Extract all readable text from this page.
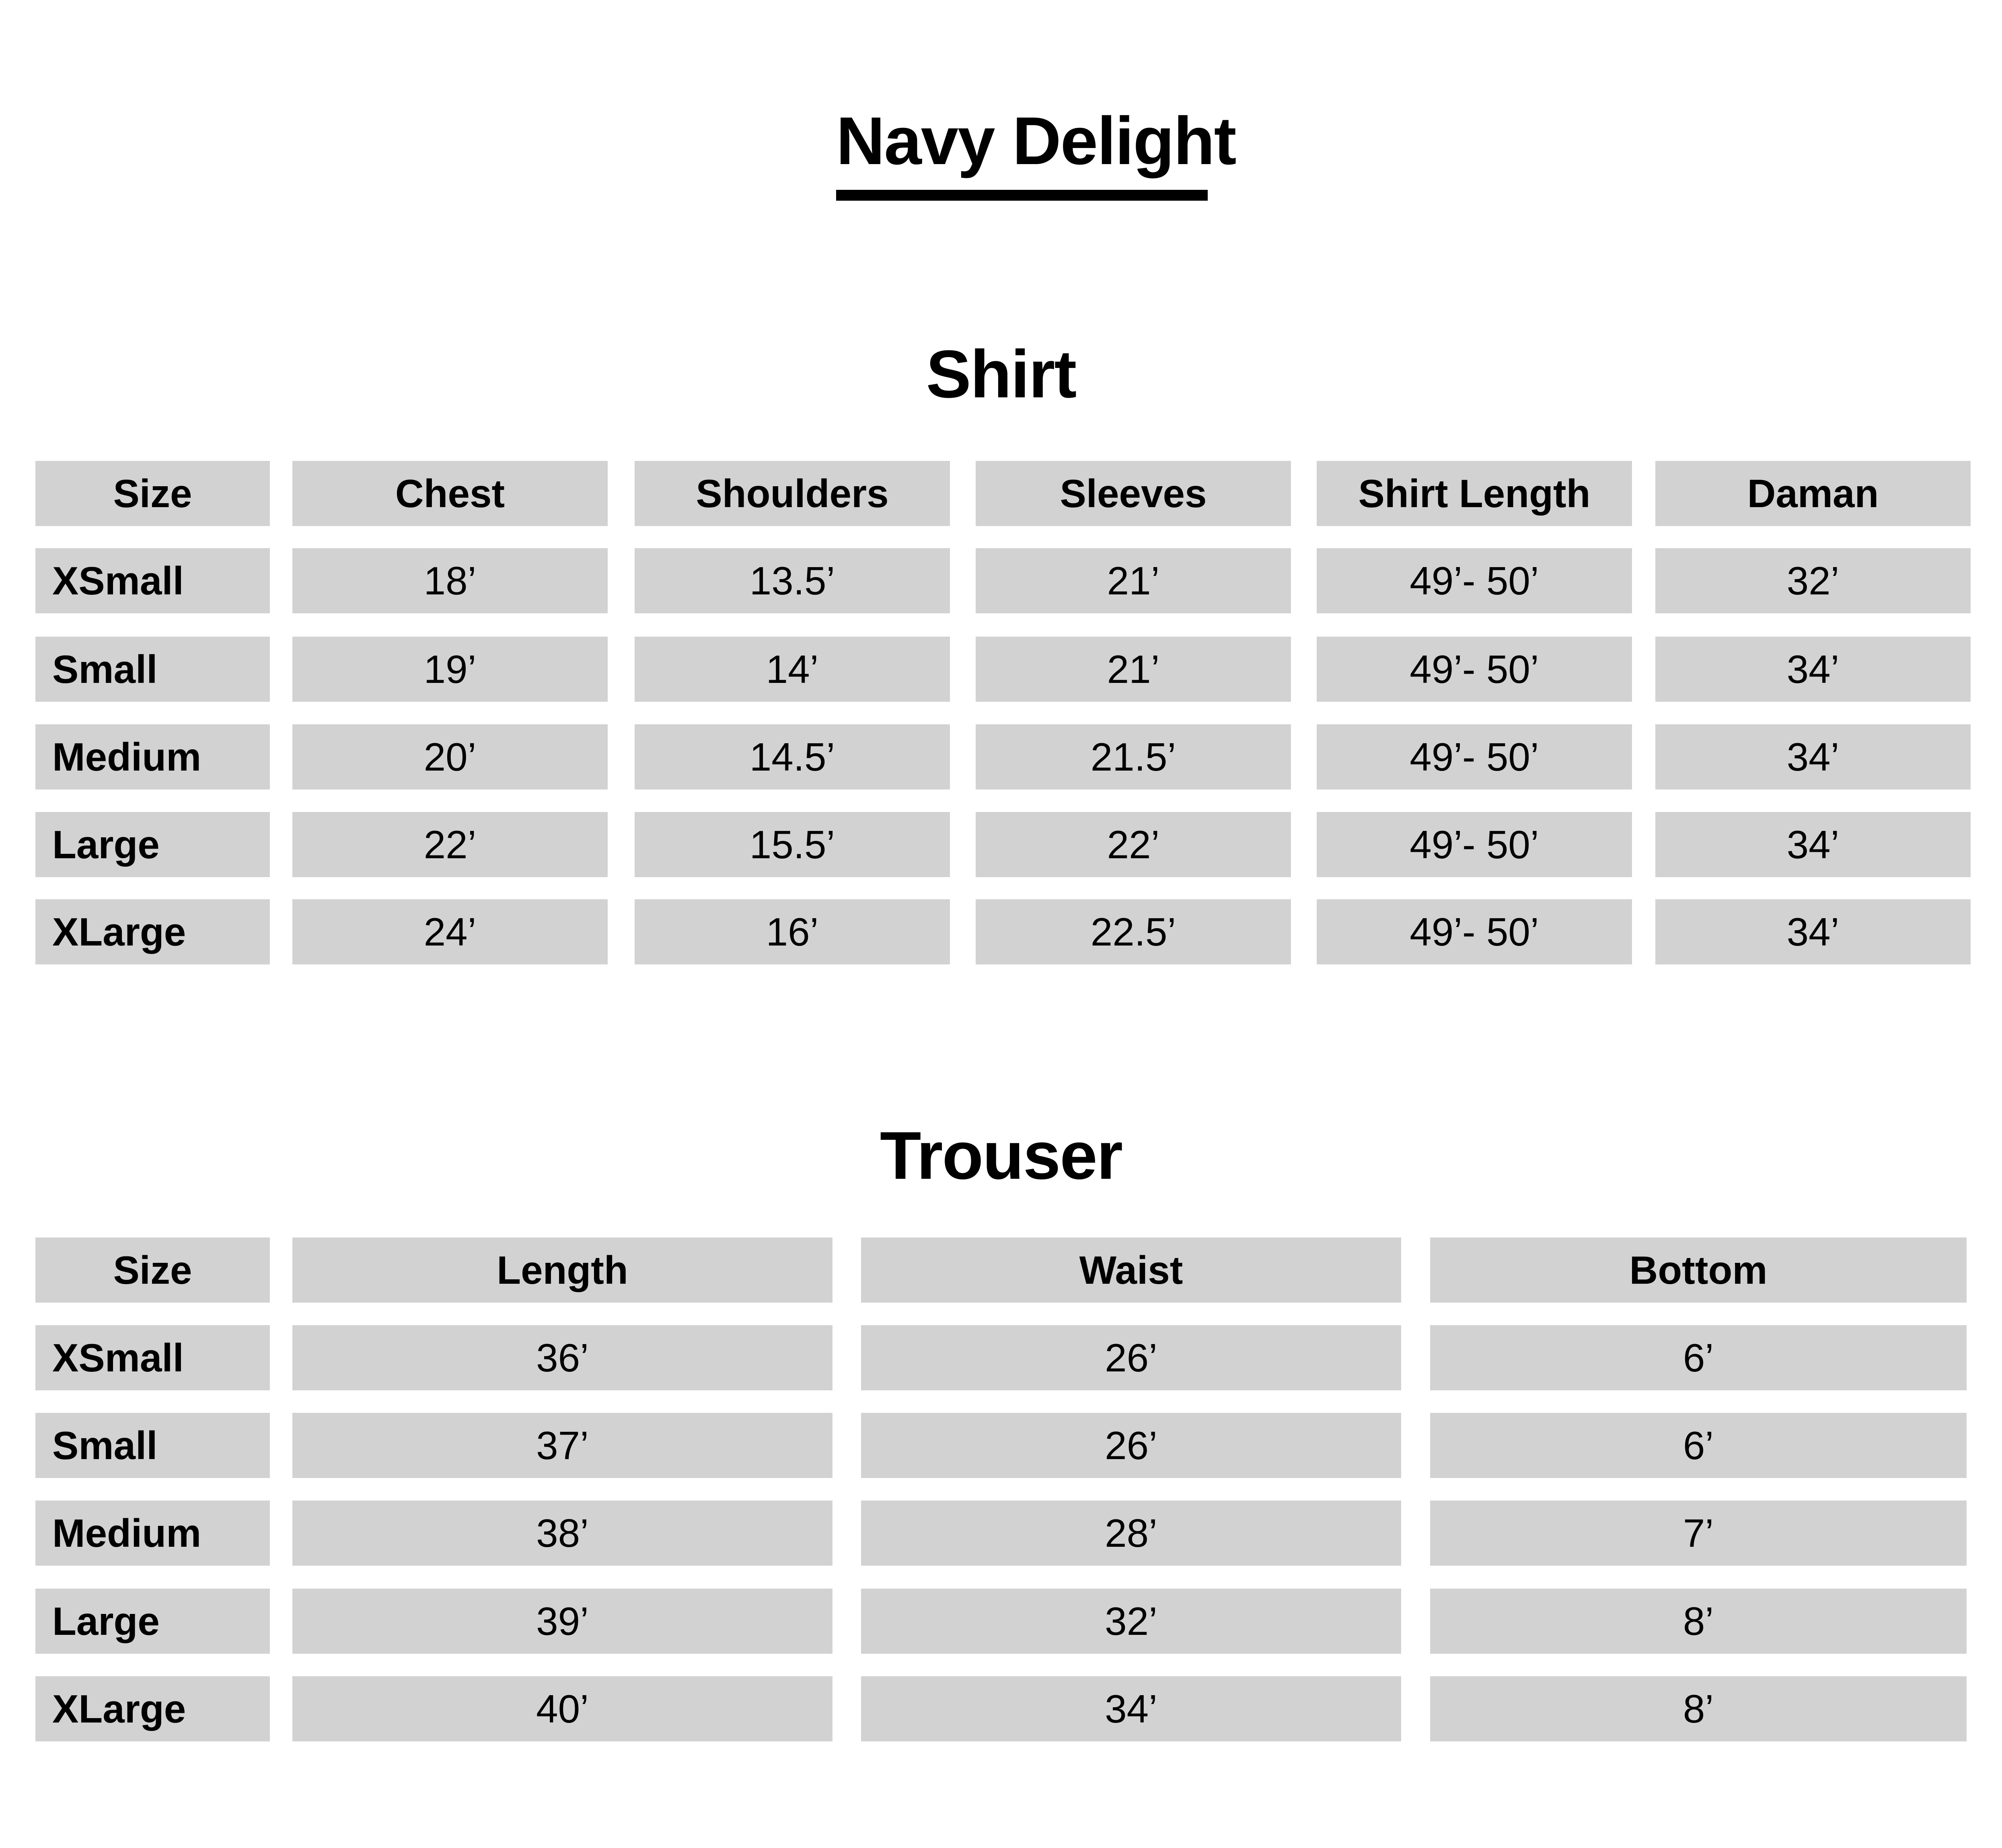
Navy Delight
Shirt
Size	Chest	Shoulders	Sleeves	Shirt Length	Daman
XSmall	18’	13.5’	21’	49’- 50’	32’
Small	19’	14’	21’	49’- 50’	34’
Medium	20’	14.5’	21.5’	49’- 50’	34’
Large	22’	15.5’	22’	49’- 50’	34’
XLarge	24’	16’	22.5’	49’- 50’	34’
Trouser
Size	Length	Waist	Bottom
XSmall	36’	26’	6’
Small	37’	26’	6’
Medium	38’	28’	7’
Large	39’	32’	8’
XLarge	40’	34’	8’
